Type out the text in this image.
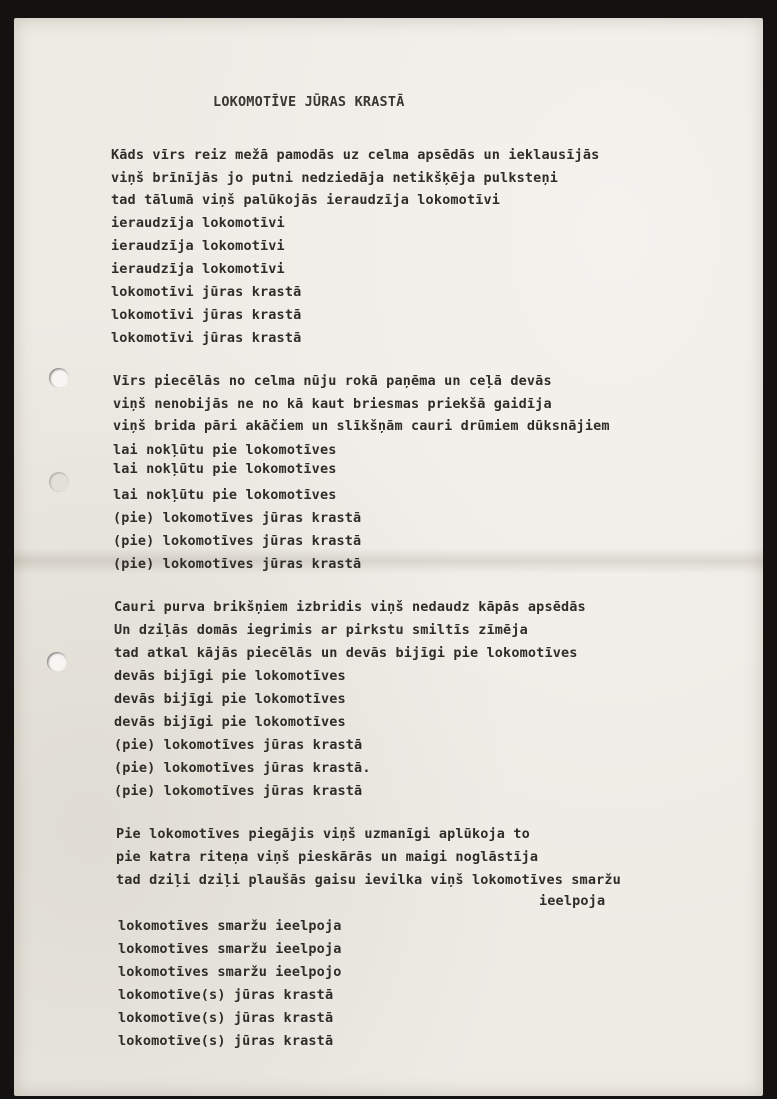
LOKOMOTĪVE JŪRAS KRASTĀ
Kāds vīrs reiz mežā pamodās uz celma apsēdās un ieklausījās
viņš brīnījās jo putni nedziedāja netikšķēja pulksteņi
tad tālumā viņš palūkojās ieraudzīja lokomotīvi
ieraudzīja lokomotīvi
ieraudzīja lokomotīvi
ieraudzīja lokomotīvi
lokomotīvi jūras krastā
lokomotīvi jūras krastā
lokomotīvi jūras krastā
Vīrs piecēlās no celma nūju rokā paņēma un ceļā devās
viņš nenobijās ne no kā kaut briesmas priekšā gaidīja
viņš brida pāri akāčiem un slīkšņām cauri drūmiem dūksnājiem
lai nokļūtu pie lokomotīves
lai nokļūtu pie lokomotīves
lai nokļūtu pie lokomotīves
(pie) lokomotīves jūras krastā
(pie) lokomotīves jūras krastā
(pie) lokomotīves jūras krastā
Cauri purva brikšņiem izbridis viņš nedaudz kāpās apsēdās
Un dziļās domās iegrimis ar pirkstu smiltīs zīmēja
tad atkal kājās piecēlās un devās bijīgi pie lokomotīves
devās bijīgi pie lokomotīves
devās bijīgi pie lokomotīves
devās bijīgi pie lokomotīves
(pie) lokomotīves jūras krastā
(pie) lokomotīves jūras krastā.
(pie) lokomotīves jūras krastā
Pie lokomotīves piegājis viņš uzmanīgi aplūkoja to
pie katra riteņa viņš pieskārās un maigi noglāstīja
tad dziļi dziļi plaušās gaisu ievilka viņš lokomotīves smaržu
ieelpoja
lokomotīves smaržu ieelpoja
lokomotīves smaržu ieelpoja
lokomotīves smaržu ieelpojo
lokomotīve(s) jūras krastā
lokomotīve(s) jūras krastā
lokomotīve(s) jūras krastā
